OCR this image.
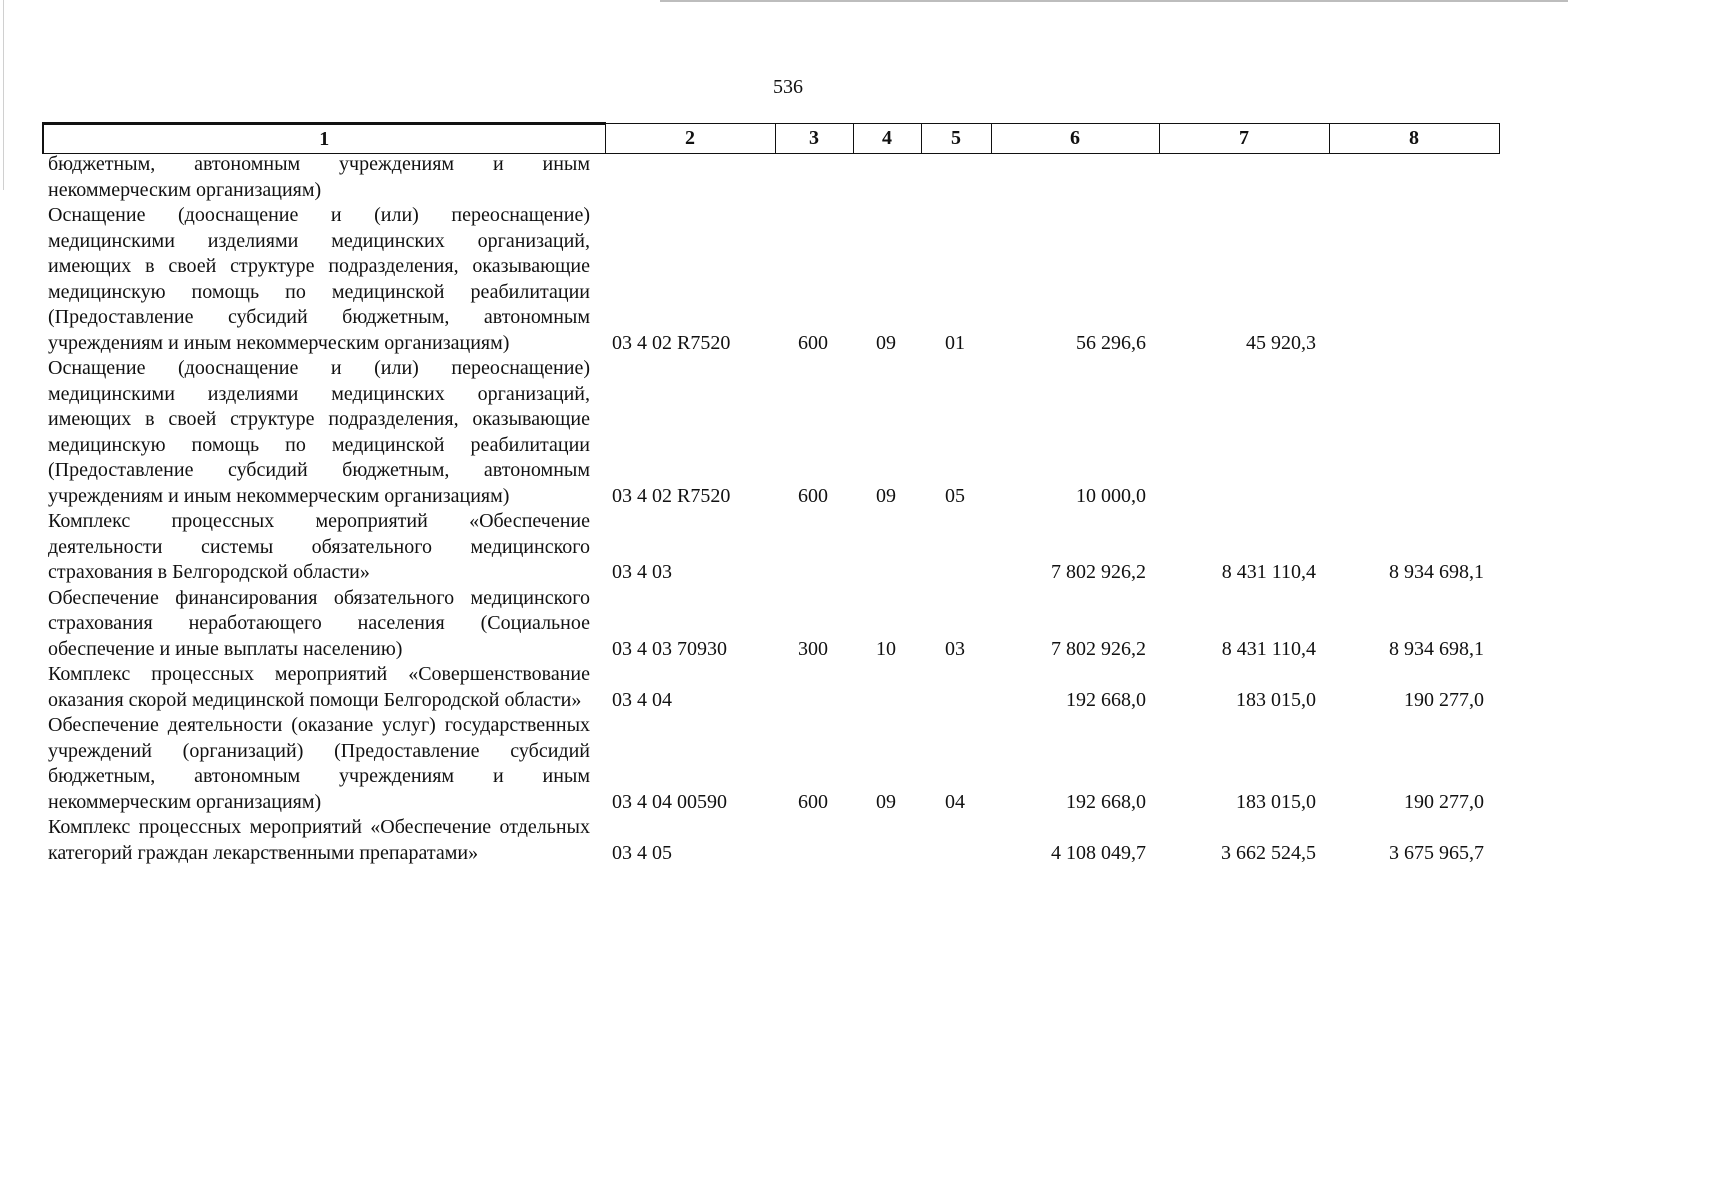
536
1	2	3	4	5	6	7	8
бюджетным, автономным учреждениям и иным некоммерческим организациям)							
Оснащение (дооснащение и (или) переоснащение) медицинскими изделиями медицинских организаций, имеющих в своей структуре подразделения, оказывающие медицинскую помощь по медицинской реабилитации (Предоставление субсидий бюджетным, автономным учреждениям и иным некоммерческим организациям)	03 4 02 R7520	600	09	01	56 296,6	45 920,3	
Оснащение (дооснащение и (или) переоснащение) медицинскими изделиями медицинских организаций, имеющих в своей структуре подразделения, оказывающие медицинскую помощь по медицинской реабилитации (Предоставление субсидий бюджетным, автономным учреждениям и иным некоммерческим организациям)	03 4 02 R7520	600	09	05	10 000,0		
Комплекс процессных мероприятий «Обеспечение деятельности системы обязательного медицинского страхования в Белгородской области»	03 4 03				7 802 926,2	8 431 110,4	8 934 698,1
Обеспечение финансирования обязательного медицинского страхования неработающего населения (Социальное обеспечение и иные выплаты населению)	03 4 03 70930	300	10	03	7 802 926,2	8 431 110,4	8 934 698,1
Комплекс процессных мероприятий «Совершенствование оказания скорой медицинской помощи Белгородской области»	03 4 04				192 668,0	183 015,0	190 277,0
Обеспечение деятельности (оказание услуг) государственных учреждений (организаций) (Предоставление субсидий бюджетным, автономным учреждениям и иным некоммерческим организациям)	03 4 04 00590	600	09	04	192 668,0	183 015,0	190 277,0
Комплекс процессных мероприятий «Обеспечение отдельных категорий граждан лекарственными препаратами»	03 4 05				4 108 049,7	3 662 524,5	3 675 965,7
